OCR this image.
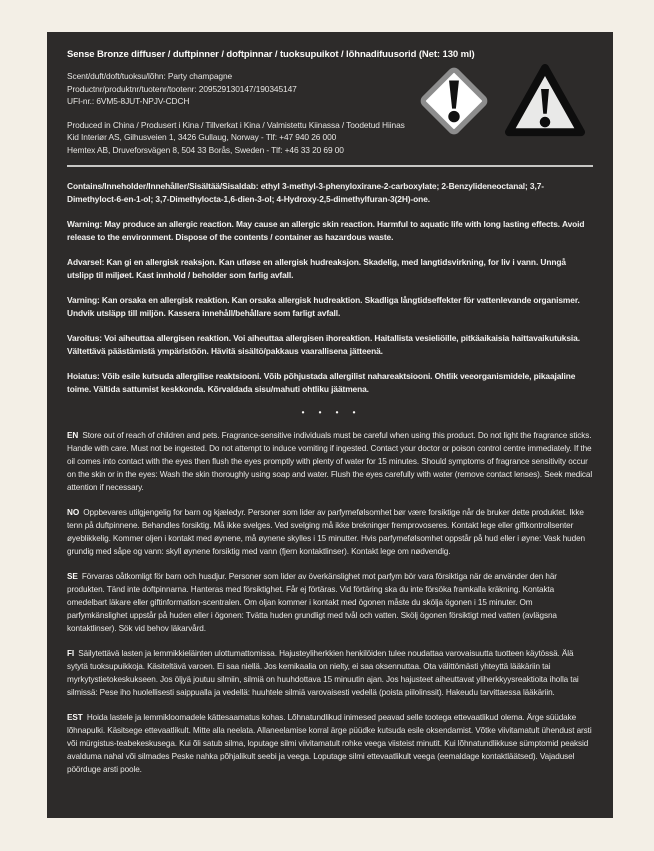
Sense Bronze diffuser / duftpinner / doftpinnar / tuoksupuikot / lõhnadifuusorid (Net: 130 ml)
Scent/duft/doft/tuoksu/lõhn: Party champagne
Productnr/produktnr/tuotenr/tootenr: 209529130147/190345147
UFI-nr.: 6VM5-8JUT-NPJV-CDCH
Produced in China / Produsert i Kina / Tillverkat i Kina / Valmistettu Kiinassa / Toodetud Hiinas
Kid Interiør AS, Gilhusveien 1, 3426 Gullaug, Norway - Tlf: +47 940 26 000
Hemtex AB, Druveforsvägen 8, 504 33 Borås, Sweden - Tlf: +46 33 20 69 00

Contains/Inneholder/Innehåller/Sisältää/Sisaldab: ethyl 3-methyl-3-phenyloxirane-2-carboxylate; 2-Benzylideneoctanal; 3,7-Dimethyloct-6-en-1-ol; 3,7-Dimethylocta-1,6-dien-3-ol; 4-Hydroxy-2,5-dimethylfuran-3(2H)-one.

Warning: May produce an allergic reaction. May cause an allergic skin reaction. Harmful to aquatic life with long lasting effects. Avoid release to the environment. Dispose of the contents / container as hazardous waste.

Advarsel: Kan gi en allergisk reaksjon. Kan utløse en allergisk hudreaksjon. Skadelig, med langtidsvirkning, for liv i vann. Unngå utslipp til miljøet. Kast innhold / beholder som farlig avfall.

Varning: Kan orsaka en allergisk reaktion. Kan orsaka allergisk hudreaktion. Skadliga långtidseffekter för vattenlevande organismer. Undvik utsläpp till miljön. Kassera innehåll/behållare som farligt avfall.

Varoitus: Voi aiheuttaa allergisen reaktion. Voi aiheuttaa allergisen ihoreaktion. Haitallista vesieliöille, pitkäaikaisia haittavaikutuksia. Vältettävä päästämistä ympäristöön. Hävitä sisältö/pakkaus vaarallisena jätteenä.

Hoiatus: Võib esile kutsuda allergilise reaktsiooni. Võib põhjustada allergilist nahareaktsiooni. Ohtlik veeorganismidele, pikaajaline toime. Vältida sattumist keskkonda. Kõrvaldada sisu/mahuti ohtliku jäätmena.

• • • •

EN Store out of reach of children and pets. Fragrance-sensitive individuals must be careful when using this product. Do not light the fragrance sticks. Handle with care. Must not be ingested. Do not attempt to induce vomiting if ingested. Contact your doctor or poison control centre immediately. If the oil comes into contact with the eyes then flush the eyes promptly with plenty of water for 15 minutes. Should symptoms of fragrance sensitivity occur on the skin or in the eyes: Wash the skin thoroughly using soap and water. Flush the eyes carefully with water (remove contact lenses). Seek medical attention if necessary.

NO Oppbevares utilgjengelig for barn og kjæledyr. Personer som lider av parfymefølsomhet bør være forsiktige når de bruker dette produktet. Ikke tenn på duftpinnene. Behandles forsiktig. Må ikke svelges. Ved svelging må ikke brekninger fremprovoseres. Kontakt lege eller giftkontrollsenter øyeblikkelig. Kommer oljen i kontakt med øynene, må øynene skylles i 15 minutter. Hvis parfymefølsomhet oppstår på hud eller i øyne: Vask huden grundig med såpe og vann: skyll øynene forsiktig med vann (fjern kontaktlinser). Kontakt lege om nødvendig.

SE Förvaras oåtkomligt för barn och husdjur. Personer som lider av överkänslighet mot parfym bör vara försiktiga när de använder den här produkten. Tänd inte doftpinnarna. Hanteras med försiktighet. Får ej förtäras. Vid förtäring ska du inte försöka framkalla kräkning. Kontakta omedelbart läkare eller giftinformation-scentralen. Om oljan kommer i kontakt med ögonen måste du skölja ögonen i 15 minuter. Om parfymkänslighet uppstår på huden eller i ögonen: Tvätta huden grundligt med tvål och vatten. Skölj ögonen försiktigt med vatten (avlägsna kontaktlinser). Sök vid behov läkarvård.

FI Säilytettävä lasten ja lemmikkieläinten ulottumattomissa. Hajusteyliherkkien henkilöiden tulee noudattaa varovaisuutta tuotteen käytössä. Älä sytytä tuoksupuikkoja. Käsiteltävä varoen. Ei saa niellä. Jos kemikaalia on nielty, ei saa oksennuttaa. Ota välittömästi yhteyttä lääkäriin tai myrkytystietokeskukseen. Jos öljyä joutuu silmiin, silmiä on huuhdottava 15 minuutin ajan. Jos hajusteet aiheuttavat yliherkkyysreaktioita iholla tai silmissä: Pese iho huolellisesti saippualla ja vedellä: huuhtele silmiä varovaisesti vedellä (poista piilolinssit). Hakeudu tarvittaessa lääkäriin.

EST Hoida lastele ja lemmikloomadele kättesaamatus kohas. Lõhnatundlikud inimesed peavad selle tootega ettevaatlikud olema. Ärge süüdake lõhnapulki. Käsitsege ettevaatlikult. Mitte alla neelata. Allaneelamise korral ärge püüdke kutsuda esile oksendamist. Võtke viivitamatult ühendust arsti või mürgistus-teabekeskusega. Kui õli satub silma, loputage silmi viivitamatult rohke veega viisteist minutit. Kui lõhnatundlikkuse sümptomid peaksid avalduma nahal või silmades Peske nahka põhjalikult seebi ja veega. Loputage silmi ettevaatlikult veega (eemaldage kontaktläätsed). Vajadusel pöörduge arsti poole.
